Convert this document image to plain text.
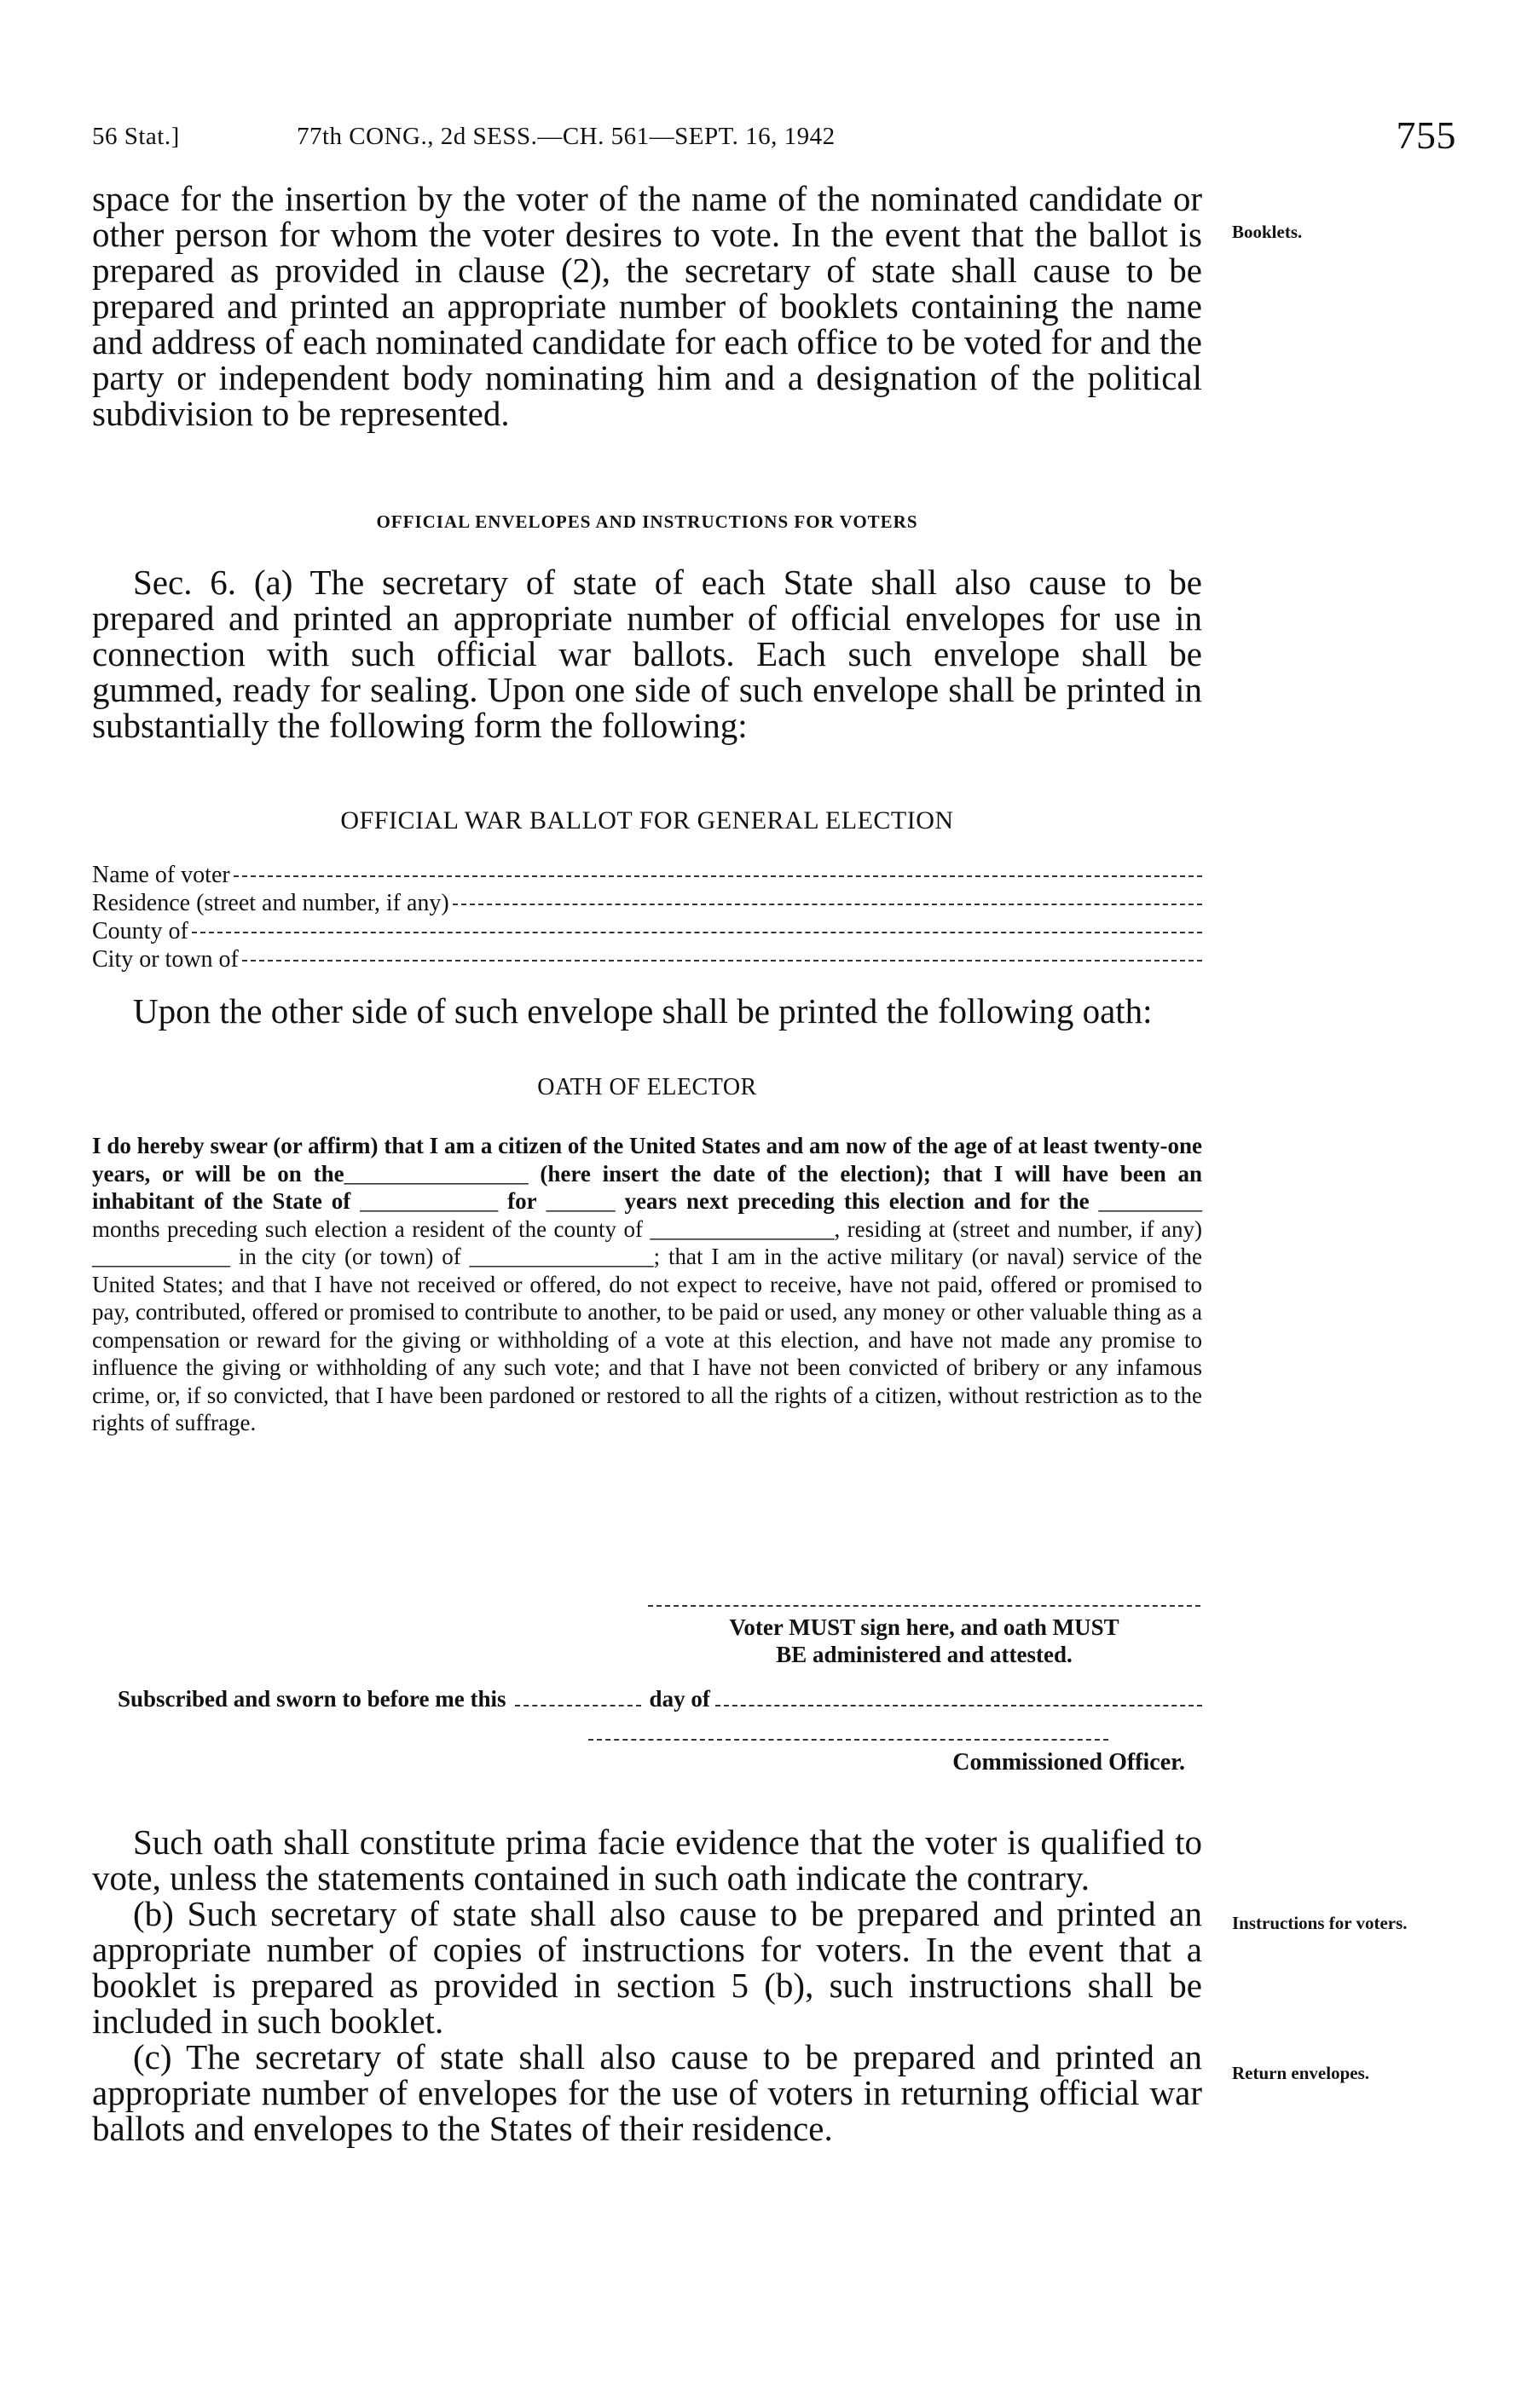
56 Stat.]	77th CONG., 2d SESS.—CH. 561—SEPT. 16, 1942	755

space for the insertion by the voter of the name of the nominated candidate or other person for whom the voter desires to vote. In the event that the ballot is prepared as provided in clause (2), the secretary of state shall cause to be prepared and printed an appropriate number of booklets containing the name and address of each nominated candidate for each office to be voted for and the party or independent body nominating him and a designation of the political subdivision to be represented.

Booklets.
OFFICIAL ENVELOPES AND INSTRUCTIONS FOR VOTERS

Sec. 6. (a) The secretary of state of each State shall also cause to be prepared and printed an appropriate number of official envelopes for use in connection with such official war ballots. Each such envelope shall be gummed, ready for sealing. Upon one side of such envelope shall be printed in substantially the following form the following:

OFFICIAL WAR BALLOT FOR GENERAL ELECTION
Name of voter
Residence (street and number, if any)
County of
City or town of

Upon the other side of such envelope shall be printed the following oath:

OATH OF ELECTOR

I do hereby swear (or affirm) that I am a citizen of the United States and am now of the age of at least twenty-one years, or will be on the________________ (here insert the date of the election); that I will have been an inhabitant of the State of ____________ for ______ years next preceding this election and for the _________ months preceding such election a resident of the county of ________________, residing at (street and number, if any) ____________ in the city (or town) of ________________; that I am in the active military (or naval) service of the United States; and that I have not received or offered, do not expect to receive, have not paid, offered or promised to pay, contributed, offered or promised to contribute to another, to be paid or used, any money or other valuable thing as a compensation or reward for the giving or withholding of a vote at this election, and have not made any promise to influence the giving or withholding of any such vote; and that I have not been convicted of bribery or any infamous crime, or, if so convicted, that I have been pardoned or restored to all the rights of a citizen, without restriction as to the rights of suffrage.

Voter MUST sign here, and oath MUST
BE administered and attested.
Subscribed and sworn to before me this	day of
Commissioned Officer.

Such oath shall constitute prima facie evidence that the voter is qualified to vote, unless the statements contained in such oath indicate the contrary.

(b) Such secretary of state shall also cause to be prepared and printed an appropriate number of copies of instructions for voters. In the event that a booklet is prepared as provided in section 5 (b), such instructions shall be included in such booklet.

(c) The secretary of state shall also cause to be prepared and printed an appropriate number of envelopes for the use of voters in returning official war ballots and envelopes to the States of their residence.

Instructions for voters.
Return envelopes.
